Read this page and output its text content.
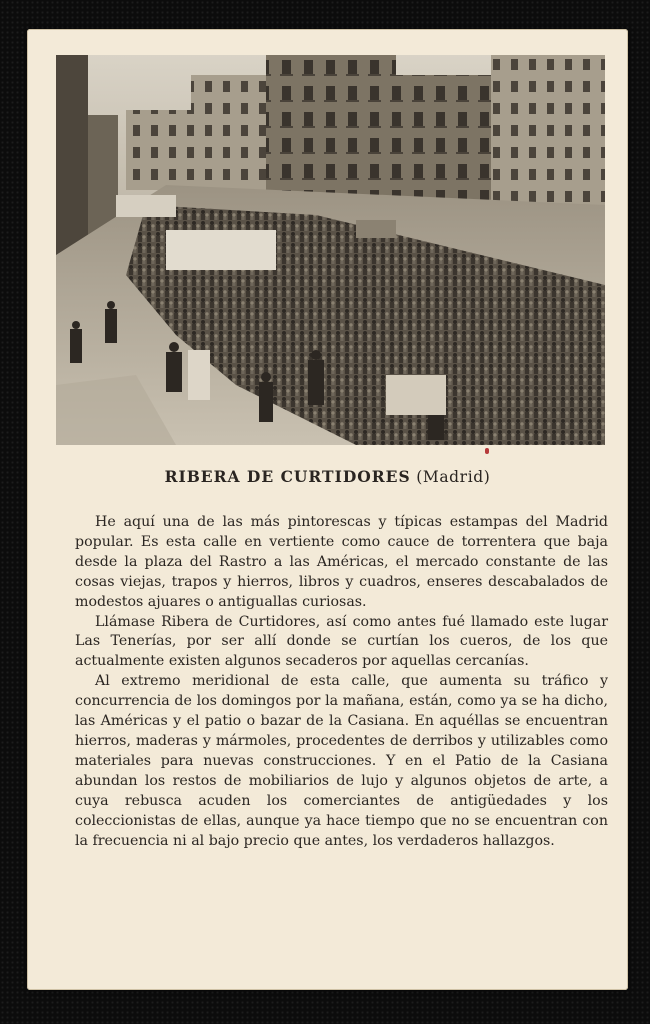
RIBERA DE CURTIDORES (Madrid)

He aquí una de las más pintorescas y típicas estampas del Madrid popular. Es esta calle en vertiente como cauce de torrentera que baja desde la plaza del Rastro a las Américas, el mercado constante de las cosas viejas, trapos y hierros, libros y cuadros, enseres descabalados de modestos ajuares o antiguallas curiosas.

Llámase Ribera de Curtidores, así como antes fué llamado este lugar Las Tenerías, por ser allí donde se curtían los cueros, de los que actualmente existen algunos secaderos por aquellas cercanías.

Al extremo meridional de esta calle, que aumenta su tráfico y concurrencia de los domingos por la mañana, están, como ya se ha dicho, las Américas y el patio o bazar de la Casiana. En aquéllas se encuentran hierros, maderas y mármoles, procedentes de derribos y utilizables como materiales para nuevas construcciones. Y en el Patio de la Casiana abundan los restos de mobiliarios de lujo y algunos objetos de arte, a cuya rebusca acuden los comerciantes de antigüedades y los coleccionistas de ellas, aunque ya hace tiempo que no se encuentran con la frecuencia ni al bajo precio que antes, los verdaderos hallazgos.
